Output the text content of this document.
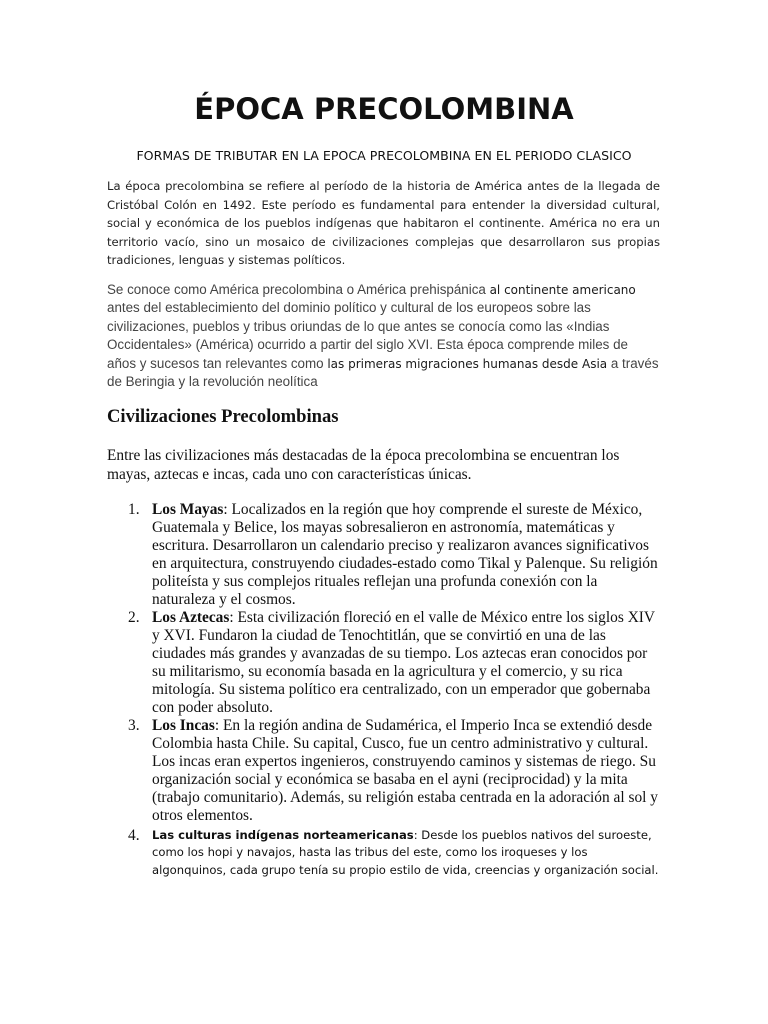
ÉPOCA PRECOLOMBINA

FORMAS DE TRIBUTAR EN LA EPOCA PRECOLOMBINA EN EL PERIODO CLASICO

La época precolombina se refiere al período de la historia de América antes de la llegada de Cristóbal Colón en 1492. Este período es fundamental para entender la diversidad cultural, social y económica de los pueblos indígenas que habitaron el continente. América no era un territorio vacío, sino un mosaico de civilizaciones complejas que desarrollaron sus propias tradiciones, lenguas y sistemas políticos.

Se conoce como América precolombina o América prehispánica al continente americano antes del establecimiento del dominio político y cultural de los europeos sobre las civilizaciones, pueblos y tribus oriundas de lo que antes se conocía como las «Indias Occidentales» (América) ocurrido a partir del siglo XVI. Esta época comprende miles de años y sucesos tan relevantes como las primeras migraciones humanas desde Asia a través de Beringia y la revolución neolítica

Civilizaciones Precolombinas

Entre las civilizaciones más destacadas de la época precolombina se encuentran los mayas, aztecas e incas, cada uno con características únicas.

1. Los Mayas: Localizados en la región que hoy comprende el sureste de México, Guatemala y Belice, los mayas sobresalieron en astronomía, matemáticas y escritura. Desarrollaron un calendario preciso y realizaron avances significativos en arquitectura, construyendo ciudades-estado como Tikal y Palenque. Su religión politeísta y sus complejos rituales reflejan una profunda conexión con la naturaleza y el cosmos.
2. Los Aztecas: Esta civilización floreció en el valle de México entre los siglos XIV y XVI. Fundaron la ciudad de Tenochtitlán, que se convirtió en una de las ciudades más grandes y avanzadas de su tiempo. Los aztecas eran conocidos por su militarismo, su economía basada en la agricultura y el comercio, y su rica mitología. Su sistema político era centralizado, con un emperador que gobernaba con poder absoluto.
3. Los Incas: En la región andina de Sudamérica, el Imperio Inca se extendió desde Colombia hasta Chile. Su capital, Cusco, fue un centro administrativo y cultural. Los incas eran expertos ingenieros, construyendo caminos y sistemas de riego. Su organización social y económica se basaba en el ayni (reciprocidad) y la mita (trabajo comunitario). Además, su religión estaba centrada en la adoración al sol y otros elementos.
4. Las culturas indígenas norteamericanas: Desde los pueblos nativos del suroeste, como los hopi y navajos, hasta las tribus del este, como los iroqueses y los algonquinos, cada grupo tenía su propio estilo de vida, creencias y organización social.
